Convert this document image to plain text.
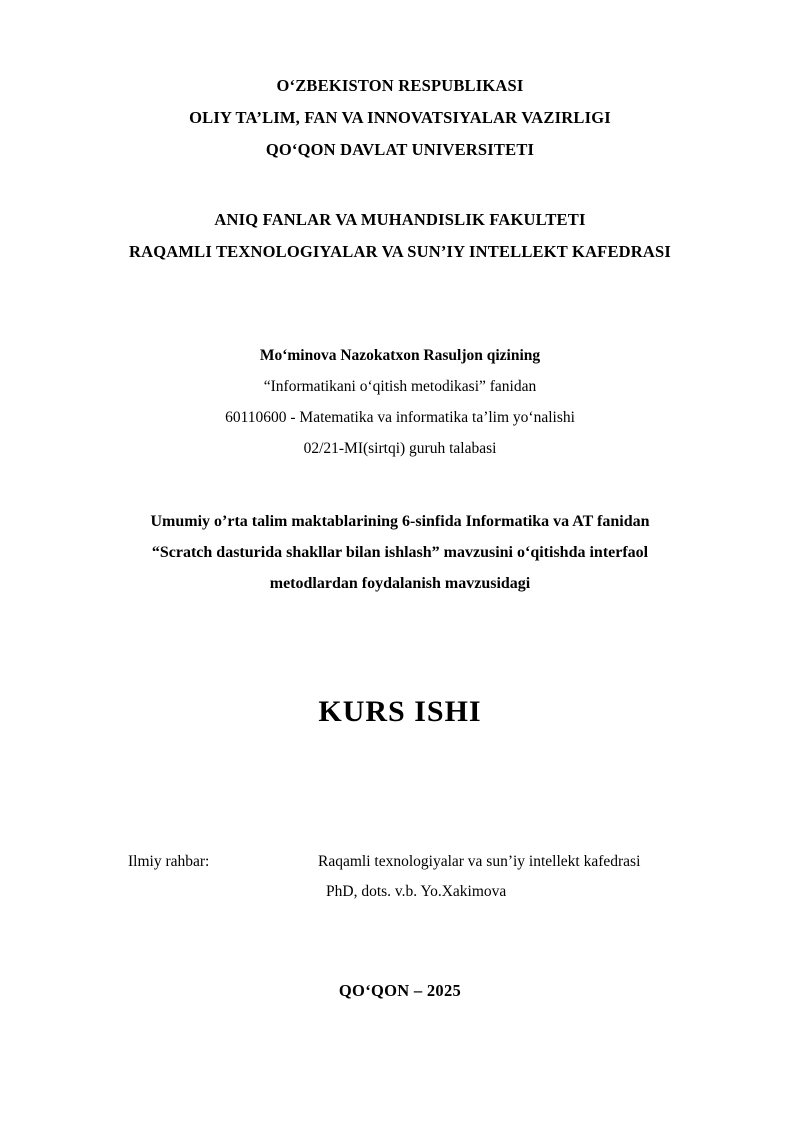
O‘ZBEKISTON RESPUBLIKASI
OLIY TA’LIM, FAN VA INNOVATSIYALAR VAZIRLIGI
QO‘QON DAVLAT UNIVERSITETI
ANIQ FANLAR VA MUHANDISLIK FAKULTETI
RAQAMLI TEXNOLOGIYALAR VA SUN’IY INTELLEKT KAFEDRASI
Mo‘minova Nazokatxon Rasuljon qizining
“Informatikani o‘qitish metodikasi” fanidan
60110600 - Matematika va informatika ta’lim yo‘nalishi
02/21-MI(sirtqi) guruh talabasi
Umumiy o’rta talim maktablarining 6-sinfida Informatika va AT fanidan
“Scratch dasturida shakllar bilan ishlash” mavzusini o‘qitishda interfaol
metodlardan foydalanish mavzusidagi
KURS ISHI
Ilmiy rahbar:	Raqamli texnologiyalar va sun’iy intellekt kafedrasi
PhD, dots. v.b. Yo.Xakimova
QO‘QON – 2025
